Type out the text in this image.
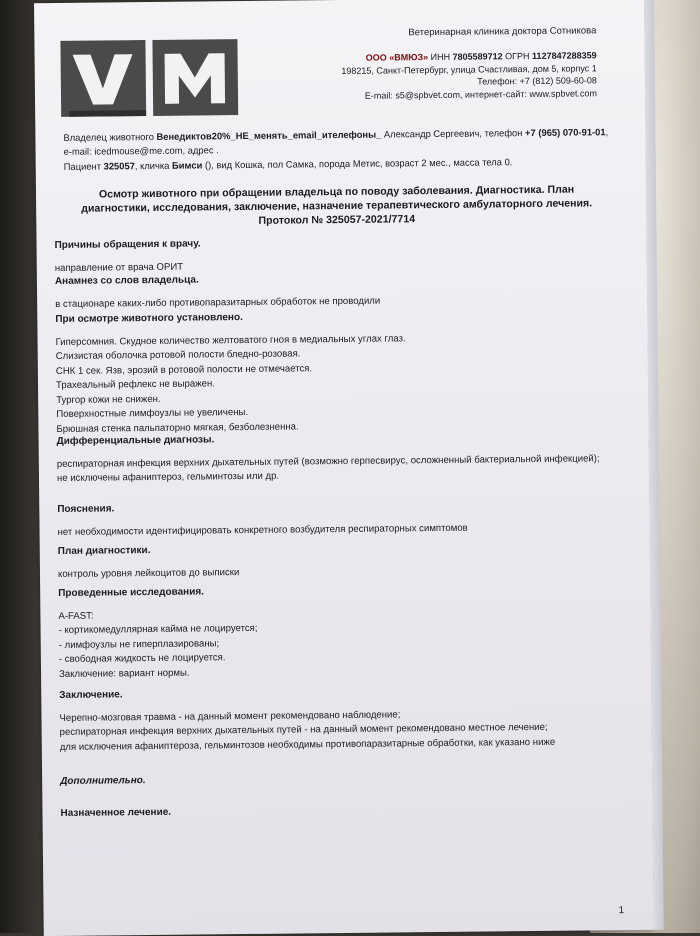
Ветеринарная клиника доктора Сотникова
ООО «ВМЮЗ» ИНН 7805589712 ОГРН 1127847288359
198215, Санкт-Петербург, улица Счастливая, дом 5, корпус 1
Телефон: +7 (812) 509-60-08
E-mail: s5@spbvet.com, интернет-сайт: www.spbvet.com
Владелец животного Венедиктов20%_НЕ_менять_email_ителефоны_ Александр Сергеевич, телефон +7 (965) 070-91-01, e-mail: icedmouse@me.com, адрес .
Пациент 325057, кличка Бимси (), вид Кошка, пол Самка, порода Метис, возраст 2 мес., масса тела 0.
Осмотр животного при обращении владельца по поводу заболевания. Диагностика. План диагностики, исследования, заключение, назначение терапевтического амбулаторного лечения. Протокол № 325057-2021/7714
Причины обращения к врачу.
направление от врача ОРИТ
Анамнез со слов владельца.
в стационаре каких-либо противопаразитарных обработок не проводили
При осмотре животного установлено.
Гиперсомния. Скудное количество желтоватого гноя в медиальных углах глаз.
Слизистая оболочка ротовой полости бледно-розовая.
СНК 1 сек. Язв, эрозий в ротовой полости не отмечается.
Трахеальный рефлекс не выражен.
Тургор кожи не снижен.
Поверхностные лимфоузлы не увеличены.
Брюшная стенка пальпаторно мягкая, безболезненна.
Дифференциальные диагнозы.
респираторная инфекция верхних дыхательных путей (возможно герпесвирус, осложненный бактериальной инфекцией);
не исключены афаниптероз, гельминтозы или др.
Пояснения.
нет необходимости идентифицировать конкретного возбудителя респираторных симптомов
План диагностики.
контроль уровня лейкоцитов до выписки
Проведенные исследования.
A-FAST:
- кортикомедуллярная кайма не лоцируется;
- лимфоузлы не гиперплазированы;
- свободная жидкость не лоцируется.
Заключение: вариант нормы.
Заключение.
Черепно-мозговая травма - на данный момент рекомендовано наблюдение;
респираторная инфекция верхних дыхательных путей - на данный момент рекомендовано местное лечение;
для исключения афаниптероза, гельминтозов необходимы противопаразитарные обработки, как указано ниже
Дополнительно.
Назначенное лечение.
1
